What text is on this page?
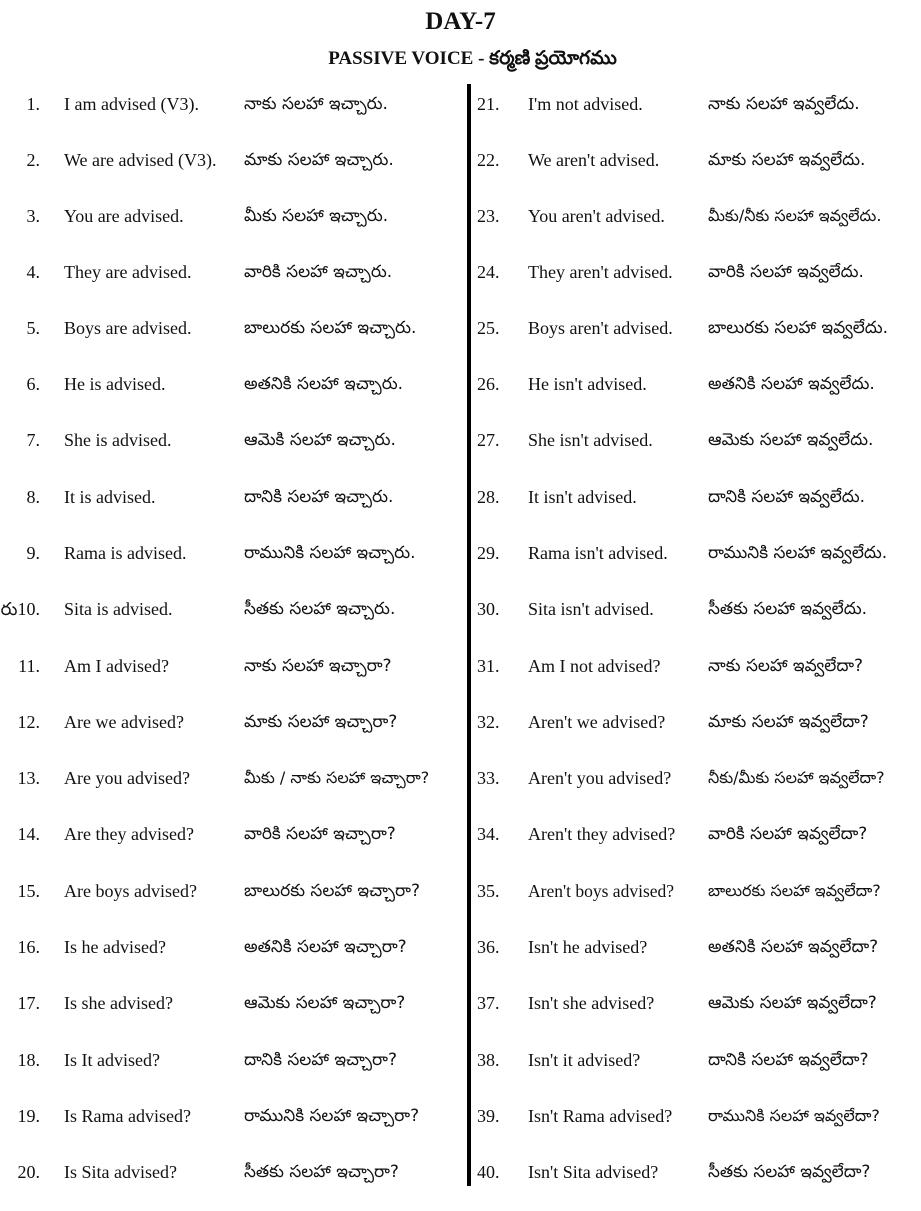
DAY-7
PASSIVE VOICE - కర్మణి ప్రయోగము
1. I am advised (V3).	నాకు సలహా ఇచ్చారు.
2. We are advised (V3). మాకు సలహా ఇచ్చారు.
3. You are advised.	మీకు సలహా ఇచ్చారు.
4. They are advised.	వారికి సలహా ఇచ్చారు.
5. Boys are advised.	బాలురకు సలహా ఇచ్చారు.
6. He is advised.	అతనికి సలహా ఇచ్చారు.
7. She is advised.	ఆమెకి సలహా ఇచ్చారు.
8. It is advised.	దానికి సలహా ఇచ్చారు.
9. Rama is advised.	రామునికి సలహా ఇచ్చారు.
రు10. Sita is advised.	సీతకు సలహా ఇచ్చారు.
11. Am I advised?	నాకు సలహా ఇచ్చారా?
12. Are we advised?	మాకు సలహా ఇచ్చారా?
13. Are you advised?	మీకు / నాకు సలహా ఇచ్చారా?
14. Are they advised?	వారికి సలహా ఇచ్చారా?
15. Are boys advised?	బాలురకు సలహా ఇచ్చారా?
16. Is he advised?	అతనికి సలహా ఇచ్చారా?
17. Is she advised?	ఆమెకు సలహా ఇచ్చారా?
18. Is It advised?	దానికి సలహా ఇచ్చారా?
19. Is Rama advised?	రామునికి సలహా ఇచ్చారా?
20. Is Sita advised?	సీతకు సలహా ఇచ్చారా?
21. I'm not advised.	నాకు సలహా ఇవ్వలేదు.
22. We aren't advised.	మాకు సలహా ఇవ్వలేదు.
23. You aren't advised.	మీకు/నీకు సలహా ఇవ్వలేదు.
24. They aren't advised. వారికి సలహా ఇవ్వలేదు.
25. Boys aren't advised. బాలురకు సలహా ఇవ్వలేదు.
26. He isn't advised.	అతనికి సలహా ఇవ్వలేదు.
27. She isn't advised.	ఆమెకు సలహా ఇవ్వలేదు.
28. It isn't advised.	దానికి సలహా ఇవ్వలేదు.
29. Rama isn't advised. రామునికి సలహా ఇవ్వలేదు.
30. Sita isn't advised.	సీతకు సలహా ఇవ్వలేదు.
31. Am I not advised?	నాకు సలహా ఇవ్వలేదా?
32. Aren't we advised?	మాకు సలహా ఇవ్వలేదా?
33. Aren't you advised? నీకు/మీకు సలహా ఇవ్వలేదా?
34. Aren't they advised? వారికి సలహా ఇవ్వలేదా?
35. Aren't boys advised? బాలురకు సలహా ఇవ్వలేదా?
36. Isn't he advised?	అతనికి సలహా ఇవ్వలేదా?
37. Isn't she advised?	ఆమెకు సలహా ఇవ్వలేదా?
38. Isn't it advised?	దానికి సలహా ఇవ్వలేదా?
39. Isn't Rama advised? రామునికి సలహా ఇవ్వలేదా?
40. Isn't Sita advised?	సీతకు సలహా ఇవ్వలేదా?
